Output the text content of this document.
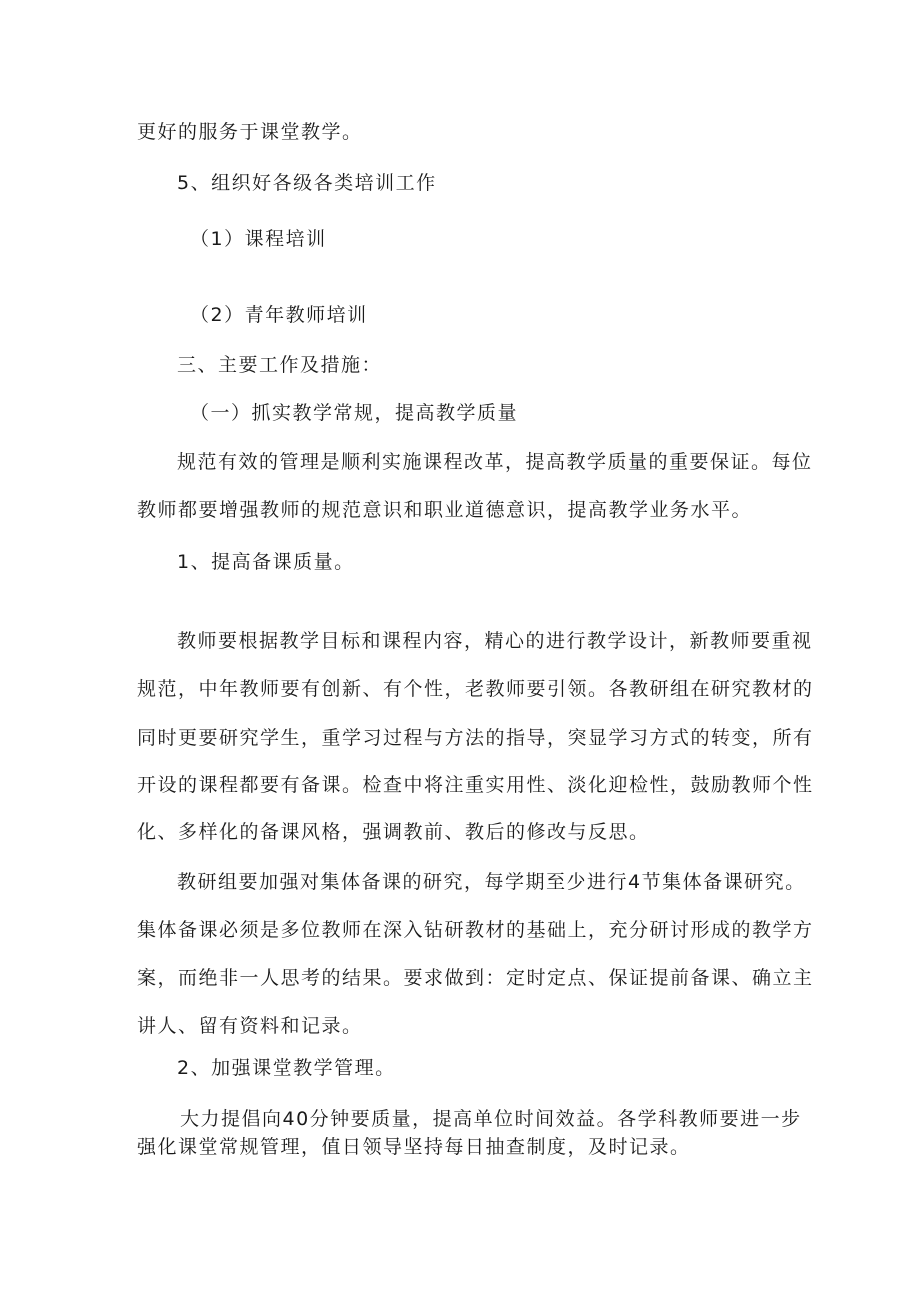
更好的服务于课堂教学。
5、组织好各级各类培训工作
（1）课程培训
（2）青年教师培训
三、主要工作及措施：
（一）抓实教学常规，提高教学质量
规范有效的管理是顺利实施课程改革，提高教学质量的重要保证。每位
教师都要增强教师的规范意识和职业道德意识，提高教学业务水平。
1、提高备课质量。
教师要根据教学目标和课程内容，精心的进行教学设计，新教师要重视
规范，中年教师要有创新、有个性，老教师要引领。各教研组在研究教材的
同时更要研究学生，重学习过程与方法的指导，突显学习方式的转变，所有
开设的课程都要有备课。检查中将注重实用性、淡化迎检性，鼓励教师个性
化、多样化的备课风格，强调教前、教后的修改与反思。
教研组要加强对集体备课的研究，每学期至少进行4节集体备课研究。
集体备课必须是多位教师在深入钻研教材的基础上，充分研讨形成的教学方
案，而绝非一人思考的结果。要求做到：定时定点、保证提前备课、确立主
讲人、留有资料和记录。
2、加强课堂教学管理。
大力提倡向40分钟要质量，提高单位时间效益。各学科教师要进一步
强化课堂常规管理，值日领导坚持每日抽查制度，及时记录。
